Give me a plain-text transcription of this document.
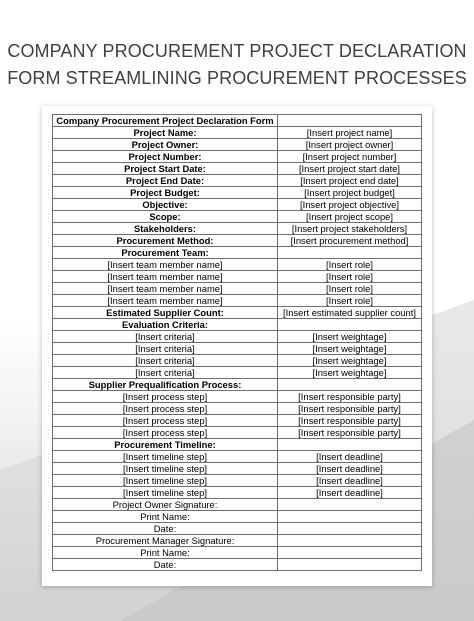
COMPANY PROCUREMENT PROJECT DECLARATION
FORM STREAMLINING PROCUREMENT PROCESSES
Company Procurement Project Declaration Form	
Project Name:	[Insert project name]
Project Owner:	[Insert project owner]
Project Number:	[Insert project number]
Project Start Date:	[Insert project start date]
Project End Date:	[Insert project end date]
Project Budget:	[Insert project budget]
Objective:	[Insert project objective]
Scope:	[Insert project scope]
Stakeholders:	[Insert project stakeholders]
Procurement Method:	[Insert procurement method]
Procurement Team:	
[Insert team member name]	[Insert role]
[Insert team member name]	[Insert role]
[Insert team member name]	[Insert role]
[Insert team member name]	[Insert role]
Estimated Supplier Count:	[Insert estimated supplier count]
Evaluation Criteria:	
[Insert criteria]	[Insert weightage]
[Insert criteria]	[Insert weightage]
[Insert criteria]	[Insert weightage]
[Insert criteria]	[Insert weightage]
Supplier Prequalification Process:	
[Insert process step]	[Insert responsible party]
[Insert process step]	[Insert responsible party]
[Insert process step]	[Insert responsible party]
[Insert process step]	[Insert responsible party]
Procurement Timeline:	
[Insert timeline step]	[Insert deadline]
[Insert timeline step]	[Insert deadline]
[Insert timeline step]	[Insert deadline]
[Insert timeline step]	[Insert deadline]
Project Owner Signature:	
Print Name:	
Date:	
Procurement Manager Signature:	
Print Name:	
Date:	
